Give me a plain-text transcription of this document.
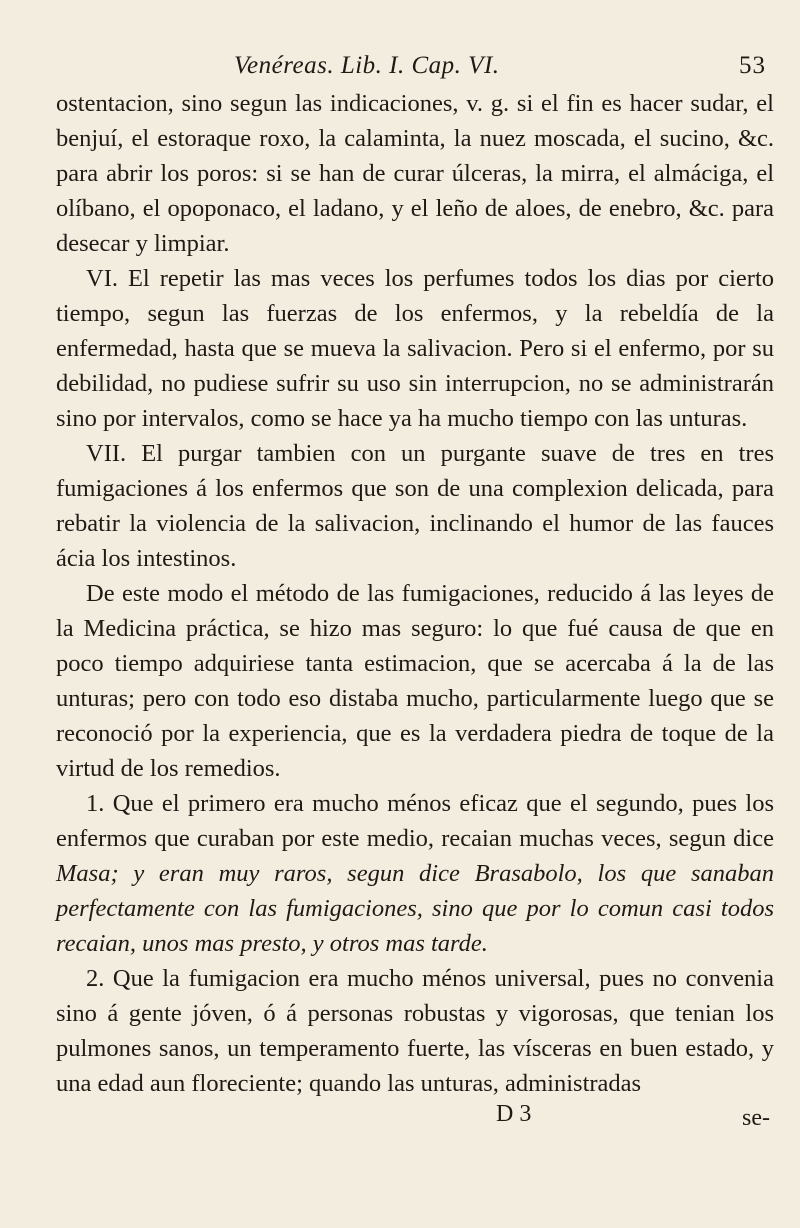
Venéreas. Lib. I. Cap. VI.	53

ostentacion, sino segun las indicaciones, v. g. si el fin es hacer sudar, el benjuí, el estoraque roxo, la calaminta, la nuez moscada, el sucino, &c. para abrir los poros: si se han de curar úlceras, la mirra, el almáciga, el olíbano, el opoponaco, el ladano, y el leño de aloes, de enebro, &c. para desecar y limpiar.

VI. El repetir las mas veces los perfumes todos los dias por cierto tiempo, segun las fuerzas de los enfermos, y la rebeldía de la enfermedad, hasta que se mueva la salivacion. Pero si el enfermo, por su debilidad, no pudiese sufrir su uso sin interrupcion, no se administrarán sino por intervalos, como se hace ya ha mucho tiempo con las unturas.

VII. El purgar tambien con un purgante suave de tres en tres fumigaciones á los enfermos que son de una complexion delicada, para rebatir la violencia de la salivacion, inclinando el humor de las fauces ácia los intestinos.

De este modo el método de las fumigaciones, reducido á las leyes de la Medicina práctica, se hizo mas seguro: lo que fué causa de que en poco tiempo adquiriese tanta estimacion, que se acercaba á la de las unturas; pero con todo eso distaba mucho, particularmente luego que se reconoció por la experiencia, que es la verdadera piedra de toque de la virtud de los remedios.

1. Que el primero era mucho ménos eficaz que el segundo, pues los enfermos que curaban por este medio, recaian muchas veces, segun dice Masa; y eran muy raros, segun dice Brasabolo, los que sanaban perfectamente con las fumigaciones, sino que por lo comun casi todos recaian, unos mas presto, y otros mas tarde.

2. Que la fumigacion era mucho ménos universal, pues no convenia sino á gente jóven, ó á personas robustas y vigorosas, que tenian los pulmones sanos, un temperamento fuerte, las vísceras en buen estado, y una edad aun floreciente; quando las unturas, administradas

D 3	se-
